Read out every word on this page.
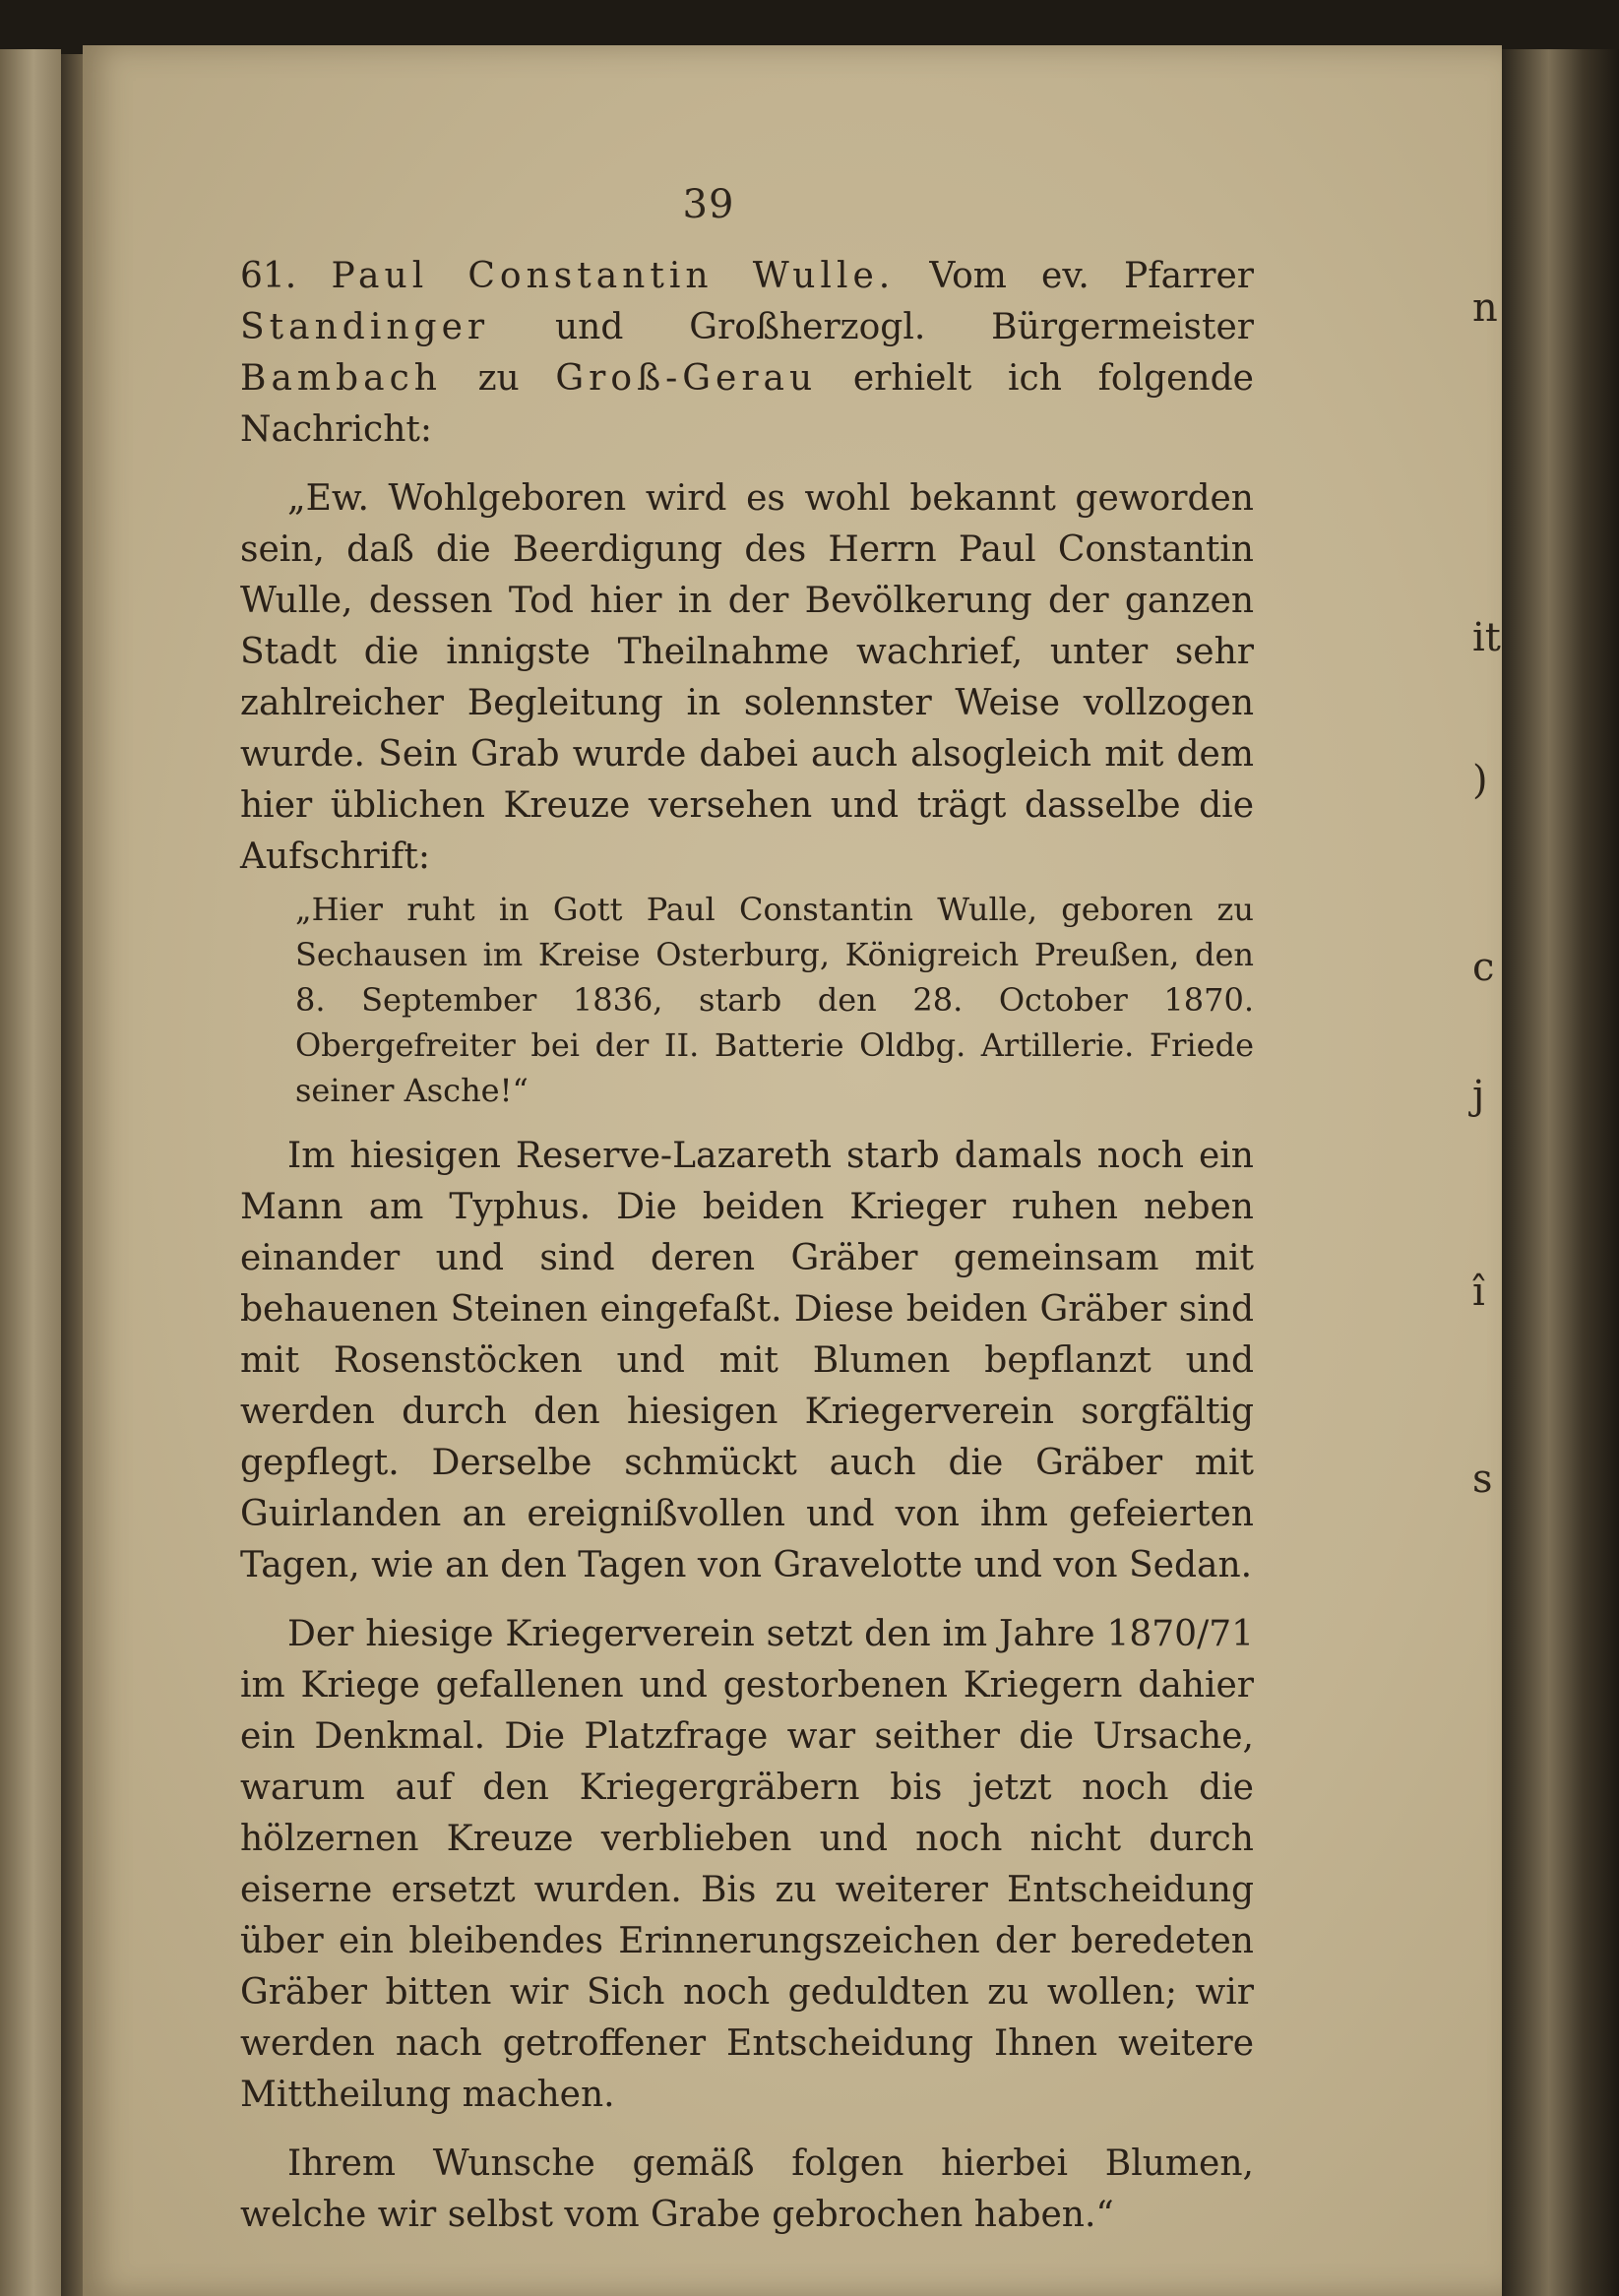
n
it
)
c
j
î
s
39

61. Paul Constantin Wulle. Vom ev. Pfarrer Standinger und Großherzogl. Bürgermeister Bambach zu Groß-Gerau erhielt ich folgende Nachricht:

„Ew. Wohlgeboren wird es wohl bekannt geworden sein, daß die Beerdigung des Herrn Paul Constantin Wulle, dessen Tod hier in der Bevölkerung der ganzen Stadt die innigste Theilnahme wachrief, unter sehr zahlreicher Begleitung in solennster Weise vollzogen wurde. Sein Grab wurde dabei auch alsogleich mit dem hier üblichen Kreuze versehen und trägt dasselbe die Aufschrift:

„Hier ruht in Gott Paul Constantin Wulle, geboren zu Sechausen im Kreise Osterburg, Königreich Preußen, den 8. September 1836, starb den 28. October 1870. Obergefreiter bei der II. Batterie Oldbg. Artillerie. Friede seiner Asche!“

Im hiesigen Reserve-Lazareth starb damals noch ein Mann am Typhus. Die beiden Krieger ruhen neben einander und sind deren Gräber gemeinsam mit behauenen Steinen eingefaßt. Diese beiden Gräber sind mit Rosenstöcken und mit Blumen bepflanzt und werden durch den hiesigen Kriegerverein sorgfältig gepflegt. Derselbe schmückt auch die Gräber mit Guirlanden an ereignißvollen und von ihm gefeierten Tagen, wie an den Tagen von Gravelotte und von Sedan.

Der hiesige Kriegerverein setzt den im Jahre 1870/71 im Kriege gefallenen und gestorbenen Kriegern dahier ein Denkmal. Die Platzfrage war seither die Ursache, warum auf den Kriegergräbern bis jetzt noch die hölzernen Kreuze verblieben und noch nicht durch eiserne ersetzt wurden. Bis zu weiterer Entscheidung über ein bleibendes Erinnerungszeichen der beredeten Gräber bitten wir Sich noch geduldten zu wollen; wir werden nach getroffener Entscheidung Ihnen weitere Mittheilung machen.

Ihrem Wunsche gemäß folgen hierbei Blumen, welche wir selbst vom Grabe gebrochen haben.“
